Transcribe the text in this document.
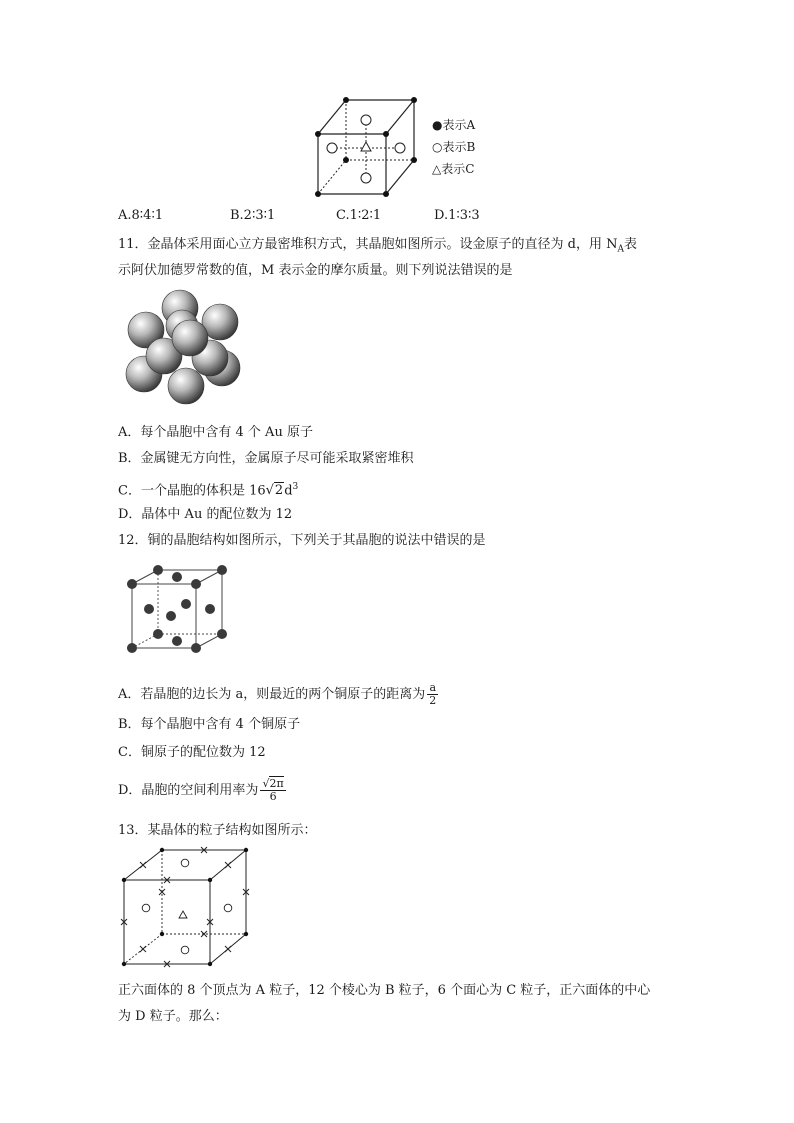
●表示A
○表示B
△表示C
A.8∶4∶1	B.2∶3∶1	C.1∶2∶1	D.1∶3∶3
11．金晶体采用面心立方最密堆积方式，其晶胞如图所示。设金原子的直径为 d，用 $N_A$表
示阿伏加德罗常数的值，M 表示金的摩尔质量。则下列说法错误的是
A．每个晶胞中含有 4 个 Au 原子
B．金属键无方向性，金属原子尽可能采取紧密堆积
C．一个晶胞的体积是 $16√2d^3$
D．晶体中 Au 的配位数为 12
12．铜的晶胞结构如图所示，下列关于其晶胞的说法中错误的是
A．若晶胞的边长为 a，则最近的两个铜原子的距离为 $\frac{a}{2}$
B．每个晶胞中含有 4 个铜原子
C．铜原子的配位数为 12
D．晶胞的空间利用率为 $\frac{√2\pi}{6}$
13．某晶体的粒子结构如图所示：
正六面体的 8 个顶点为 A 粒子，12 个棱心为 B 粒子，6 个面心为 C 粒子，正六面体的中心
为 D 粒子。那么：
